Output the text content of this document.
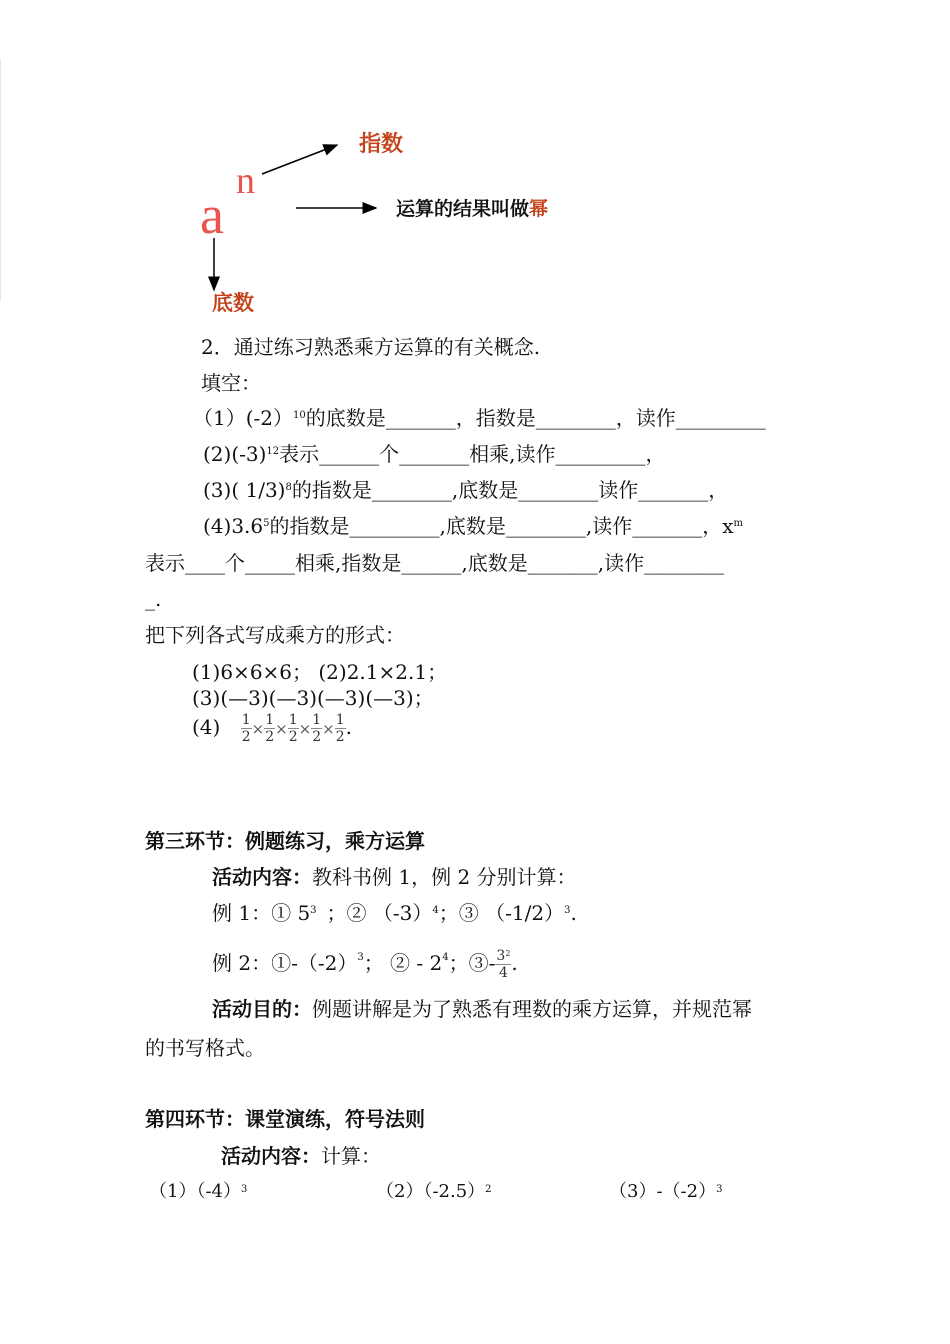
a
n
指数
运算的结果叫做幂
底数
2．通过练习熟悉乘方运算的有关概念.
填空：
（1）(-2）$^{10}$的底数是_______，指数是________，读作_________
$(2)(-3)^{12}$表示______个_______相乘,读作_________，
(3)( 1/3)$^8$的指数是________,底数是________读作_______，
$(4)3.6^5$的指数是_________,底数是________,读作_______，$x^m$
表示____个_____相乘,指数是______,底数是_______,读作________
_.
把下列各式写成乘方的形式：
(1)6×6×6； (2)2.1×2.1；
(3)(—3)(—3)(—3)(—3)；
$(4) \frac{1}{2} \times \frac{1}{2} \times \frac{1}{2} \times \frac{1}{2} \times \frac{1}{2}$ .
第三环节：例题练习，乘方运算
活动内容：教科书例 1，例 2 分别计算：
例 1：① $5^3$ ；② $(-3)^4$；③ $(-1/2)^3$.
例 2：$①-(-2)^3$； ② - $2^4$；③- $\frac{3^2}{4}$ .
活动目的：例题讲解是为了熟悉有理数的乘方运算，并规范幂
的书写格式。
第四环节：课堂演练，符号法则
活动内容：计算：
$(1)(-4)^3$	$(2)(-2.5)^2$	$(3)-(-2)^3$
